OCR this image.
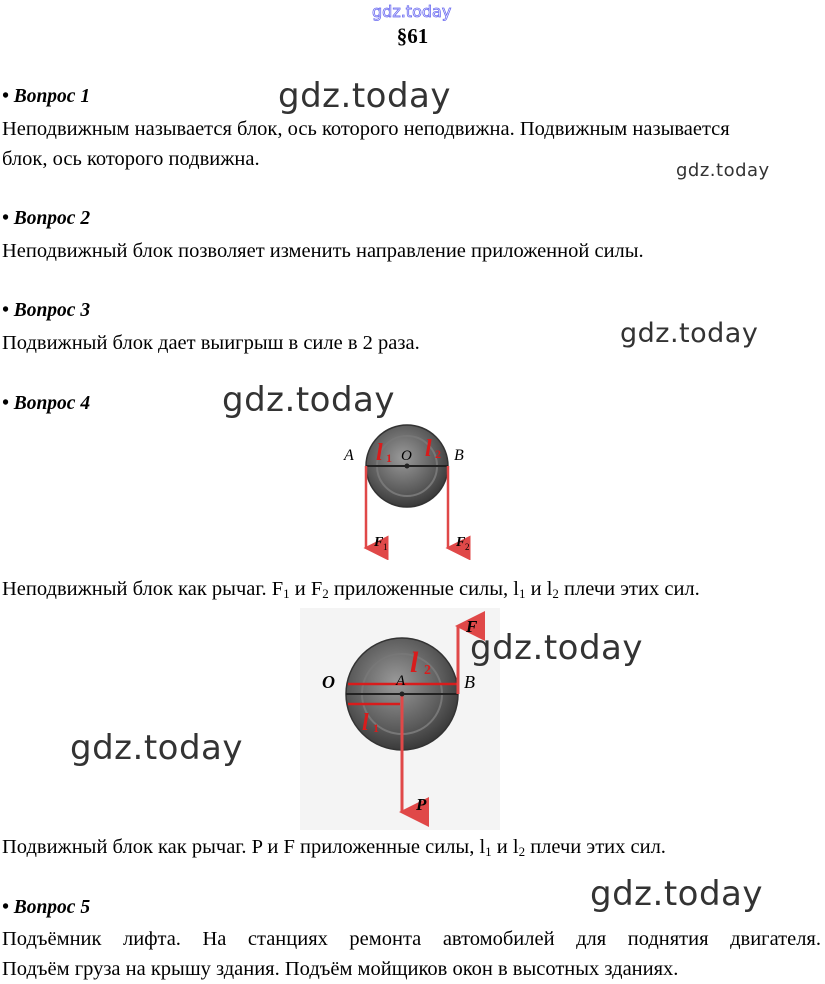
gdz.today
§61
• Вопрос 1
Неподвижным называется блок, ось которого неподвижна. Подвижным называется
блок, ось которого подвижна.
• Вопрос 2
Неподвижный блок позволяет изменить направление приложенной силы.
• Вопрос 3
Подвижный блок дает выигрыш в силе в 2 раза.
• Вопрос 4
A	O	B
l 1 l 2
F 1	F 2
Неподвижный блок как рычаг. $F_1$ и $F_2$ приложенные силы, $l_1$ и $l_2$ плечи этих сил.
O	A	B
l 2
l 1
F
P
Подвижный блок как рычаг. P и F приложенные силы, $l_1$ и $l_2$ плечи этих сил.
• Вопрос 5
Подъёмник лифта. На станциях ремонта автомобилей для поднятия двигателя.
Подъём груза на крышу здания. Подъём мойщиков окон в высотных зданиях.
gdz.today
gdz.today
gdz.today
gdz.today
gdz.today
gdz.today
gdz.today
